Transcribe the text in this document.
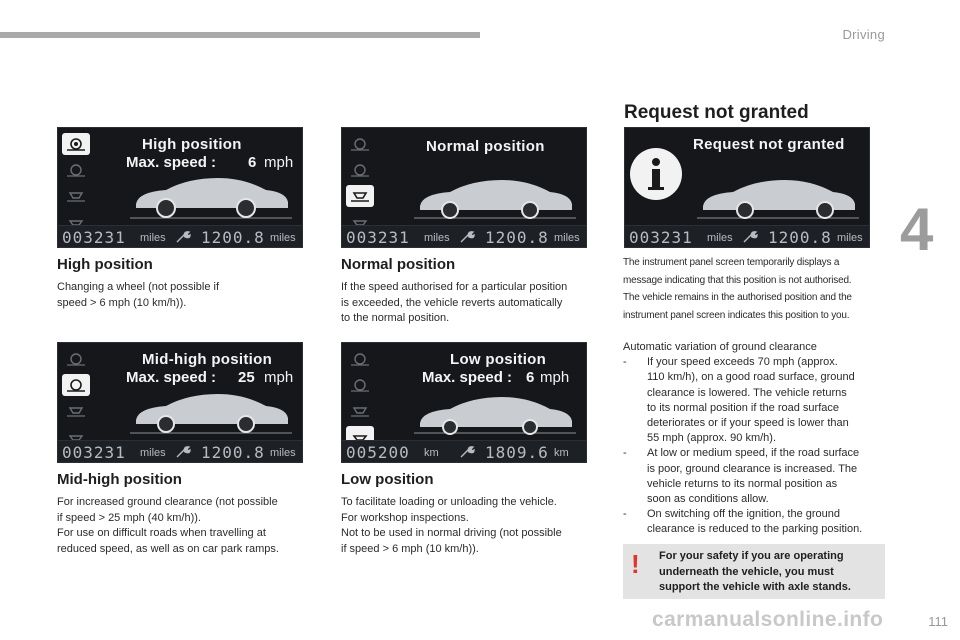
Driving
4
High position
Max. speed : 6 mph
003231 miles 1200.8 miles
Normal position
003231 miles 1200.8 miles
Request not granted
003231 miles 1200.8 miles
Mid-high position
Max. speed : 25 mph
003231 miles 1200.8 miles
Low position
Max. speed : 6 mph
005200 km	1809.6 km
High position

Changing a wheel (not possible if

speed > 6 mph (10 km/h)).

Normal position

If the speed authorised for a particular position

is exceeded, the vehicle reverts automatically

to the normal position.

Mid-high position

For increased ground clearance (not possible

if speed > 25 mph (40 km/h)).

For use on difficult roads when travelling at

reduced speed, as well as on car park ramps.

Low position

To facilitate loading or unloading the vehicle.

For workshop inspections.

Not to be used in normal driving (not possible

if speed > 6 mph (10 km/h)).

Request not granted

The instrument panel screen temporarily displays a

message indicating that this position is not authorised.

The vehicle remains in the authorised position and the

instrument panel screen indicates this position to you.

Automatic variation of ground clearance

- If your speed exceeds 70 mph (approx.

110 km/h), on a good road surface, ground

clearance is lowered. The vehicle returns

to its normal position if the road surface

deteriorates or if your speed is lower than

55 mph (approx. 90 km/h).

- At low or medium speed, if the road surface

is poor, ground clearance is increased. The

vehicle returns to its normal position as

soon as conditions allow.

- On switching off the ignition, the ground

clearance is reduced to the parking position.

! For your safety if you are operating

underneath the vehicle, you must

support the vehicle with axle stands.

carmanualsonline.info	111
